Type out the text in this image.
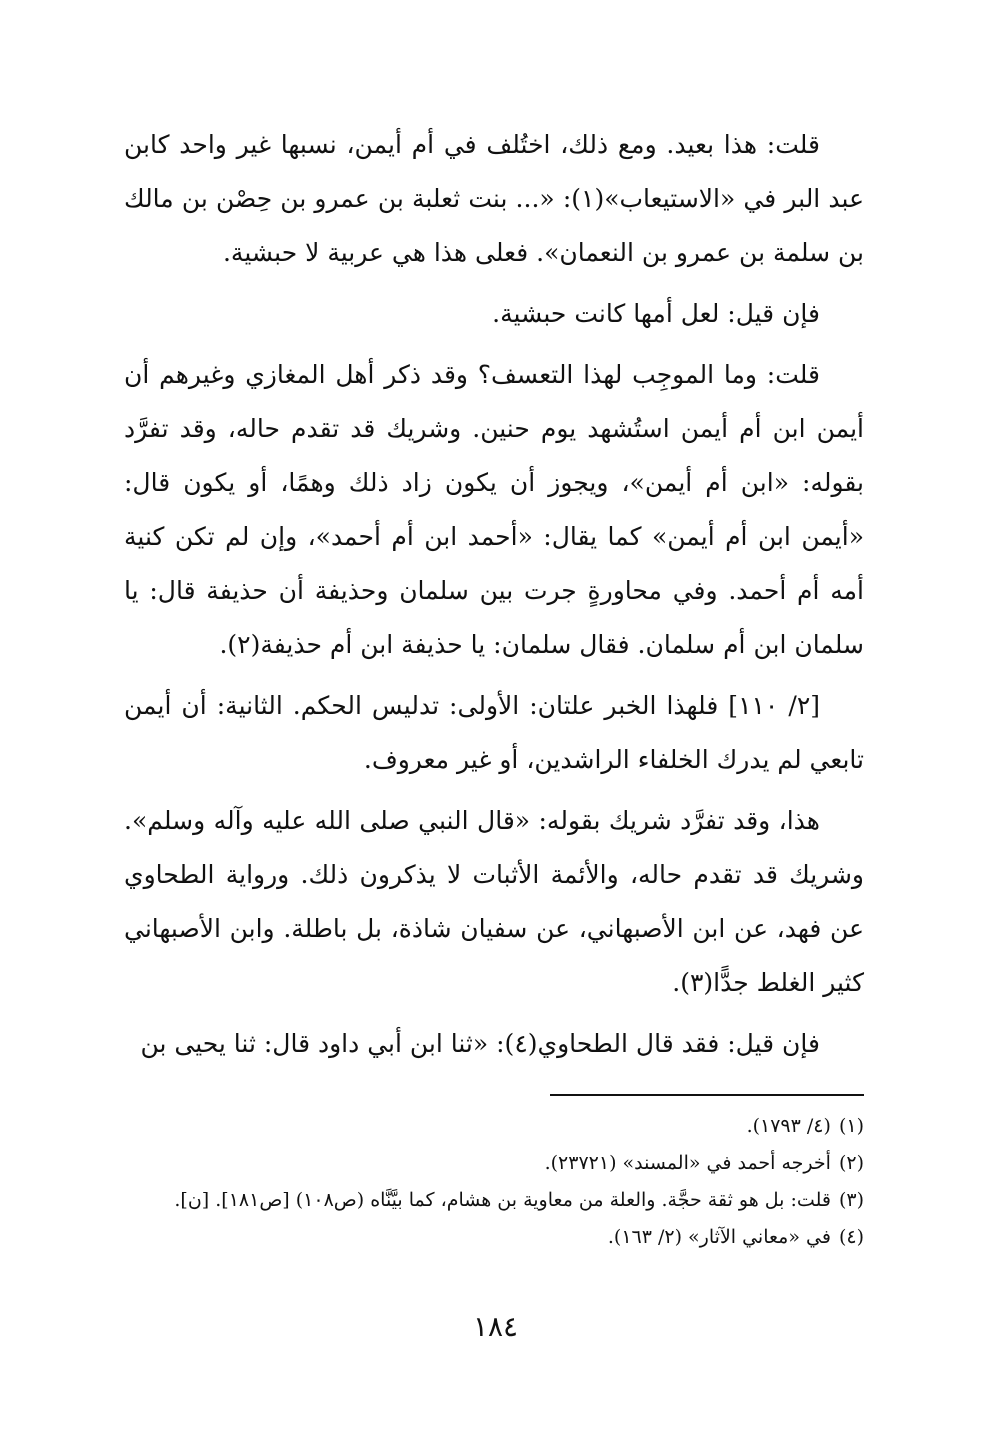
قلت: هذا بعيد. ومع ذلك، اختُلف في أم أيمن، نسبها غير واحد كابن عبد البر في «الاستيعاب»(١): «... بنت ثعلبة بن عمرو بن حِصْن بن مالك بن سلمة بن عمرو بن النعمان». فعلى هذا هي عربية لا حبشية.

فإن قيل: لعل أمها كانت حبشية.

قلت: وما الموجِب لهذا التعسف؟ وقد ذكر أهل المغازي وغيرهم أن أيمن ابن أم أيمن استُشهد يوم حنين. وشريك قد تقدم حاله، وقد تفرَّد بقوله: «ابن أم أيمن»، ويجوز أن يكون زاد ذلك وهمًا، أو يكون قال: «أيمن ابن أم أيمن» كما يقال: «أحمد ابن أم أحمد»، وإن لم تكن كنية أمه أم أحمد. وفي محاورةٍ جرت بين سلمان وحذيفة أن حذيفة قال: يا سلمان ابن أم سلمان. فقال سلمان: يا حذيفة ابن أم حذيفة(٢).

[٢/ ١١٠] فلهذا الخبر علتان: الأولى: تدليس الحكم. الثانية: أن أيمن تابعي لم يدرك الخلفاء الراشدين، أو غير معروف.

هذا، وقد تفرَّد شريك بقوله: «قال النبي صلى الله عليه وآله وسلم». وشريك قد تقدم حاله، والأئمة الأثبات لا يذكرون ذلك. ورواية الطحاوي عن فهد، عن ابن الأصبهاني، عن سفيان شاذة، بل باطلة. وابن الأصبهاني كثير الغلط جدًّا(٣).

فإن قيل: فقد قال الطحاوي(٤): «ثنا ابن أبي داود قال: ثنا يحيى بن

(١)(٤/ ١٧٩٣).

(٢)أخرجه أحمد في «المسند» (٢٣٧٢١).

(٣)قلت: بل هو ثقة حجَّة. والعلة من معاوية بن هشام، كما بيَّنَّاه (ص١٠٨) [ص١٨١]. [ن].

(٤)في «معاني الآثار» (٢/ ١٦٣).

١٨٤
